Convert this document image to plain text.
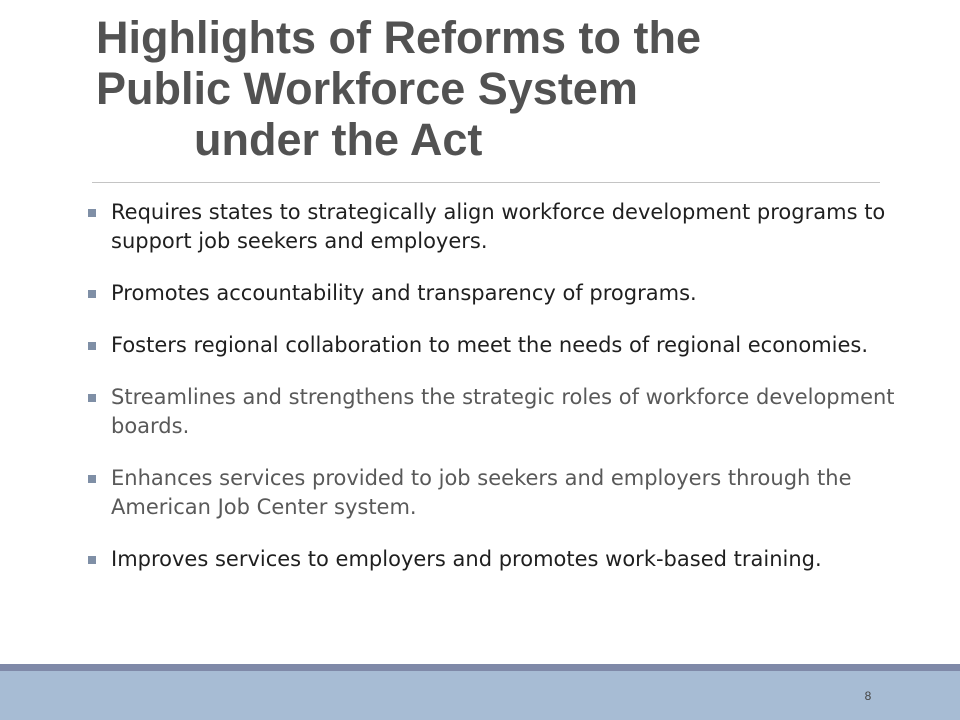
Highlights of Reforms to the
Public Workforce System
under the Act
Requires states to strategically align workforce development programs to support job seekers and employers.
Promotes accountability and transparency of programs.
Fosters regional collaboration to meet the needs of regional economies.
Streamlines and strengthens the strategic roles of workforce development boards.
Enhances services provided to job seekers and employers through the American Job Center system.
Improves services to employers and promotes work-based training.
8
